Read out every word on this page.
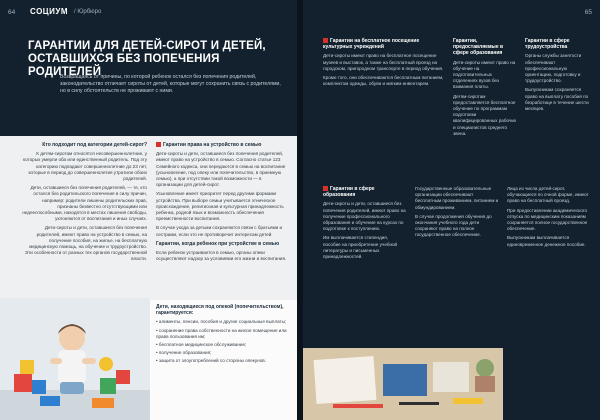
64 СОЦИУМ / Юрбюро
ГАРАНТИИ ДЛЯ ДЕТЕЙ-СИРОТ И ДЕТЕЙ, ОСТАВШИХСЯ БЕЗ ПОПЕЧЕНИЯ РОДИТЕЛЕЙ
Возвращаясь от причины, по которой ребенок остался без попечения родителей, законодательство отличает сироты от детей, которые могут сохранить связь с родителями, но в силу обстоятельств не проживают с ними.
Кто подходит под категории детей-сирот?

К детям-сиротам относятся несовершеннолетние, у которых умерли оба или единственный родитель. Под эту категорию подпадают совершеннолетние до 23 лет, которые в период до совершеннолетия утратили обоих родителей.

Дети, оставшиеся без попечения родителей, — те, кто остался без родительского попечения в силу причин, например: родители лишены родительских прав, признаны безвестно отсутствующими или недееспособными, находятся в местах лишения свободы, уклоняются от воспитания и иных случаях.

Дети-сироты и дети, оставшиеся без попечения родителей, имеют право на устройство в семью, на получение пособия, на жилье, на бесплатную медицинскую помощь, на обучение и трудоустройство. Эти особенности от разных тех органов государственной власти.

Гарантии права на устройство в семью

Дети-сироты и дети, оставшиеся без попечения родителей, имеют право на устройство в семью. Согласно статье 123 Семейного кодекса, они передаются в семью на воспитание (усыновление, под опеку или попечительство, в приемную семью), а при отсутствии такой возможности — в организации для детей-сирот.

Усыновление имеет приоритет перед другими формами устройства. При выборе семьи учитывается этническое происхождение, религиозная и культурная принадлежность ребенка, родной язык и возможность обеспечения преемственности воспитания.

В случае ухода за детьми сохраняются связи с братьями и сестрами, если это не противоречит интересам детей.

Гарантии, когда ребенок при устройстве в семью

Если ребенок устраивается в семью, органы опеки осуществляют надзор за условиями его жизни и воспитания.

Дети, находящиеся под опекой (попечительством), гарантируется:

• алименты, пенсии, пособия и другие социальные выплаты;

• сохранение права собственности на жилое помещение или права пользования им;

• бесплатное медицинское обслуживание;

• получение образования;

• защита от злоупотреблений со стороны опекунов.

65
Гарантии на бесплатное посещение культурных учреждений

Дети-сироты имеют право на бесплатное посещение музеев и выставок, а также на бесплатный проезд на городском, пригородном транспорте в период обучения.

Кроме того, они обеспечиваются бесплатным питанием, комплектом одежды, обуви и мягким инвентарем.

Гарантии, предоставляемые в сфере образования

Дети-сироты имеют право на обучение на подготовительных отделениях вузов без взимания платы.

Детям-сиротам предоставляется бесплатное обучение по программам подготовки квалифицированных рабочих и специалистов среднего звена.

Гарантии в сфере трудоустройства

Органы службы занятости обеспечивают профессиональную ориентацию, подготовку и трудоустройство.

Выпускникам сохраняется право на выплату пособия по безработице в течение шести месяцев.

Гарантии в сфере образования

Дети-сироты и дети, оставшиеся без попечения родителей, имеют право на получение профессионального образования и обучение на курсах по подготовке к поступлению.

Им выплачивается стипендия, пособие на приобретение учебной литературы и письменных принадлежностей.

Государственные образовательные организации обеспечивают бесплатным проживанием, питанием и обмундированием.

В случае продолжения обучения до окончания учебного года дети сохраняют право на полное государственное обеспечение.

Лица из числа детей-сирот, обучающиеся по очной форме, имеют право на бесплатный проезд.

При предоставлении академического отпуска по медицинским показаниям сохраняется полное государственное обеспечение.

Выпускникам выплачивается единовременное денежное пособие.
